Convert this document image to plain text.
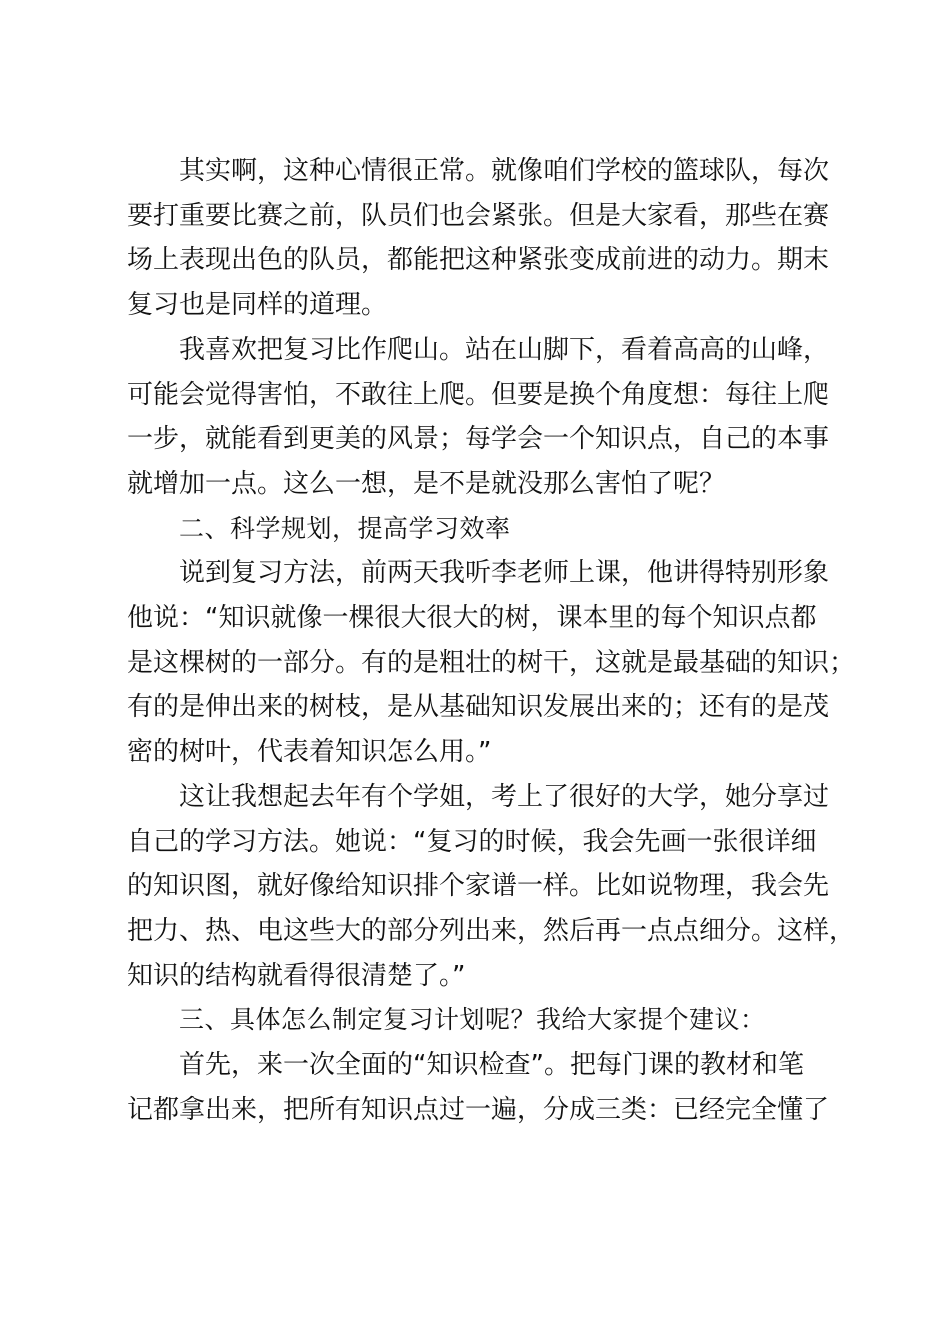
其实啊，这种心情很正常。就像咱们学校的篮球队，每次
要打重要比赛之前，队员们也会紧张。但是大家看，那些在赛
场上表现出色的队员，都能把这种紧张变成前进的动力。期末
复习也是同样的道理。
我喜欢把复习比作爬山。站在山脚下，看着高高的山峰，
可能会觉得害怕，不敢往上爬。但要是换个角度想：每往上爬
一步，就能看到更美的风景；每学会一个知识点，自己的本事
就增加一点。这么一想，是不是就没那么害怕了呢？
二、科学规划，提高学习效率
说到复习方法，前两天我听李老师上课，他讲得特别形象
他说：“知识就像一棵很大很大的树，课本里的每个知识点都
是这棵树的一部分。有的是粗壮的树干，这就是最基础的知识；
有的是伸出来的树枝，是从基础知识发展出来的；还有的是茂
密的树叶，代表着知识怎么用。”
这让我想起去年有个学姐，考上了很好的大学，她分享过
自己的学习方法。她说：“复习的时候，我会先画一张很详细
的知识图，就好像给知识排个家谱一样。比如说物理，我会先
把力、热、电这些大的部分列出来，然后再一点点细分。这样，
知识的结构就看得很清楚了。”
三、具体怎么制定复习计划呢？我给大家提个建议：
首先，来一次全面的“知识检查”。把每门课的教材和笔
记都拿出来，把所有知识点过一遍，分成三类：已经完全懂了
